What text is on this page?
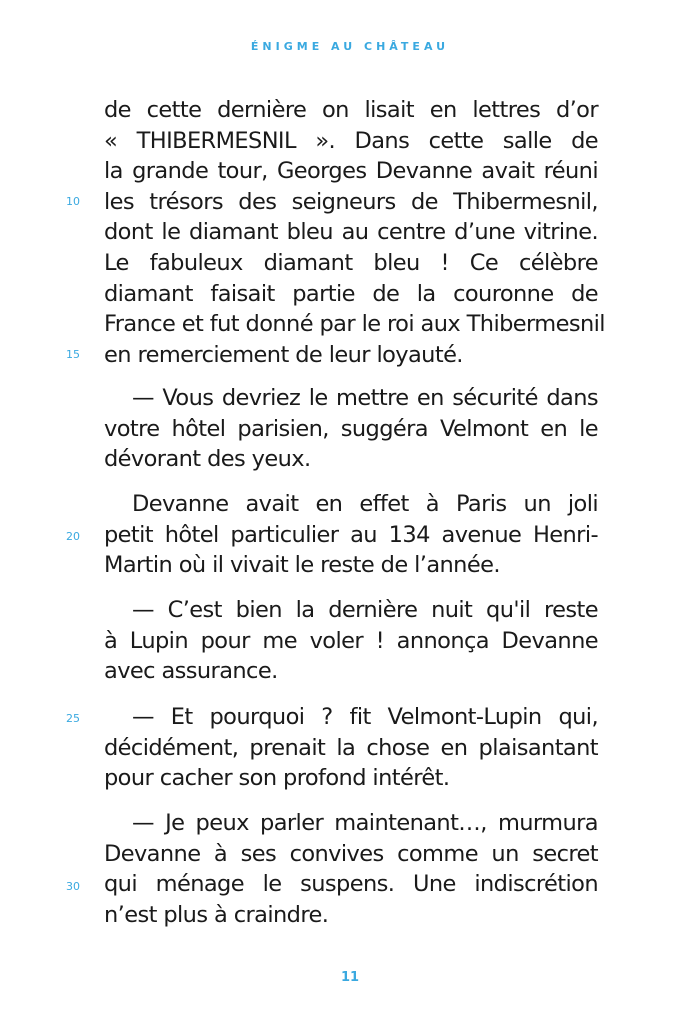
ÉNIGME AU CHÂTEAU
de cette dernière on lisait en lettres d’or
« THIBERMESNIL ». Dans cette salle de
la grande tour, Georges Devanne avait réuni
les trésors des seigneurs de Thibermesnil,
dont le diamant bleu au centre d’une vitrine.
Le fabuleux diamant bleu ! Ce célèbre
diamant faisait partie de la couronne de
France et fut donné par le roi aux Thibermesnil
en remerciement de leur loyauté.
— Vous devriez le mettre en sécurité dans
votre hôtel parisien, suggéra Velmont en le
dévorant des yeux.
Devanne avait en effet à Paris un joli
petit hôtel particulier au 134 avenue Henri-
Martin où il vivait le reste de l’année.
— C’est bien la dernière nuit qu'il reste
à Lupin pour me voler ! annonça Devanne
avec assurance.
— Et pourquoi ? fit Velmont-Lupin qui,
décidément, prenait la chose en plaisantant
pour cacher son profond intérêt.
— Je peux parler maintenant…, murmura
Devanne à ses convives comme un secret
qui ménage le suspens. Une indiscrétion
n’est plus à craindre.
10
15
20
25
30
11
